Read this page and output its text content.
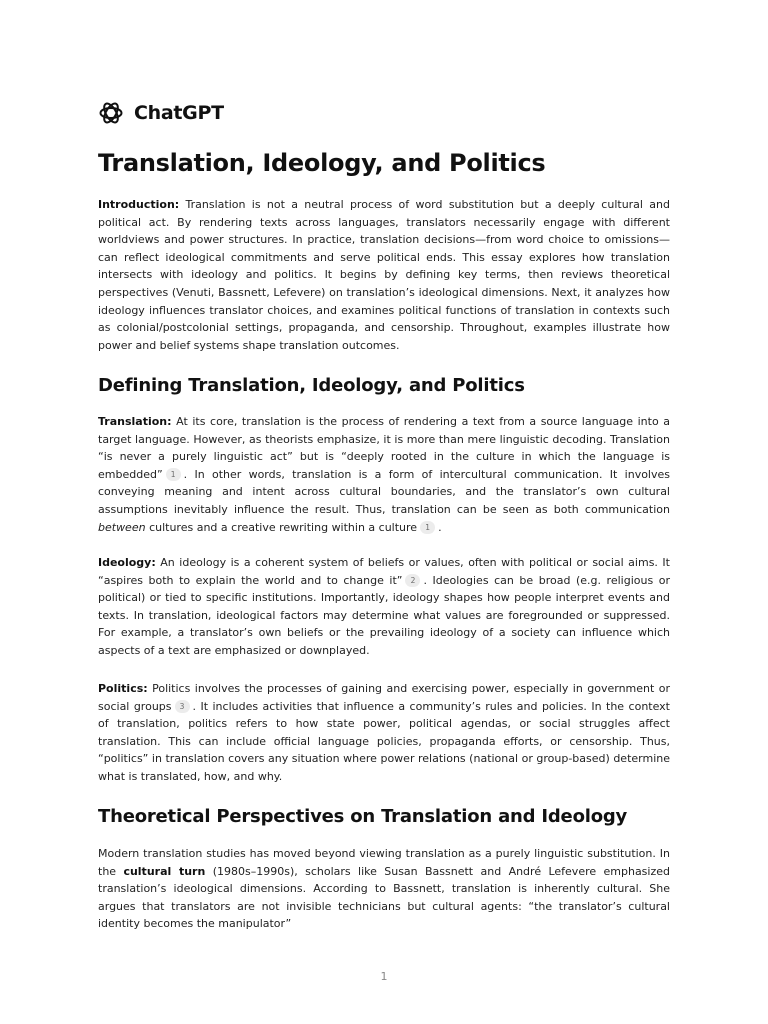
ChatGPT
Translation, Ideology, and Politics

Introduction: Translation is not a neutral process of word substitution but a deeply cultural and political act. By rendering texts across languages, translators necessarily engage with different worldviews and power structures. In practice, translation decisions—from word choice to omissions—can reflect ideological commitments and serve political ends. This essay explores how translation intersects with ideology and politics. It begins by defining key terms, then reviews theoretical perspectives (Venuti, Bassnett, Lefevere) on translation’s ideological dimensions. Next, it analyzes how ideology influences translator choices, and examines political functions of translation in contexts such as colonial/postcolonial settings, propaganda, and censorship. Throughout, examples illustrate how power and belief systems shape translation outcomes.

Defining Translation, Ideology, and Politics

Translation: At its core, translation is the process of rendering a text from a source language into a target language. However, as theorists emphasize, it is more than mere linguistic decoding. Translation “is never a purely linguistic act” but is “deeply rooted in the culture in which the language is embedded” 1 . In other words, translation is a form of intercultural communication. It involves conveying meaning and intent across cultural boundaries, and the translator’s own cultural assumptions inevitably influence the result. Thus, translation can be seen as both communication between cultures and a creative rewriting within a culture 1 .

Ideology: An ideology is a coherent system of beliefs or values, often with political or social aims. It “aspires both to explain the world and to change it” 2 . Ideologies can be broad (e.g. religious or political) or tied to specific institutions. Importantly, ideology shapes how people interpret events and texts. In translation, ideological factors may determine what values are foregrounded or suppressed. For example, a translator’s own beliefs or the prevailing ideology of a society can influence which aspects of a text are emphasized or downplayed.

Politics: Politics involves the processes of gaining and exercising power, especially in government or social groups 3 . It includes activities that influence a community’s rules and policies. In the context of translation, politics refers to how state power, political agendas, or social struggles affect translation. This can include official language policies, propaganda efforts, or censorship. Thus, “politics” in translation covers any situation where power relations (national or group-based) determine what is translated, how, and why.

Theoretical Perspectives on Translation and Ideology

Modern translation studies has moved beyond viewing translation as a purely linguistic substitution. In the cultural turn (1980s–1990s), scholars like Susan Bassnett and André Lefevere emphasized translation’s ideological dimensions. According to Bassnett, translation is inherently cultural. She argues that translators are not invisible technicians but cultural agents: “the translator’s cultural identity becomes the manipulator”

1
